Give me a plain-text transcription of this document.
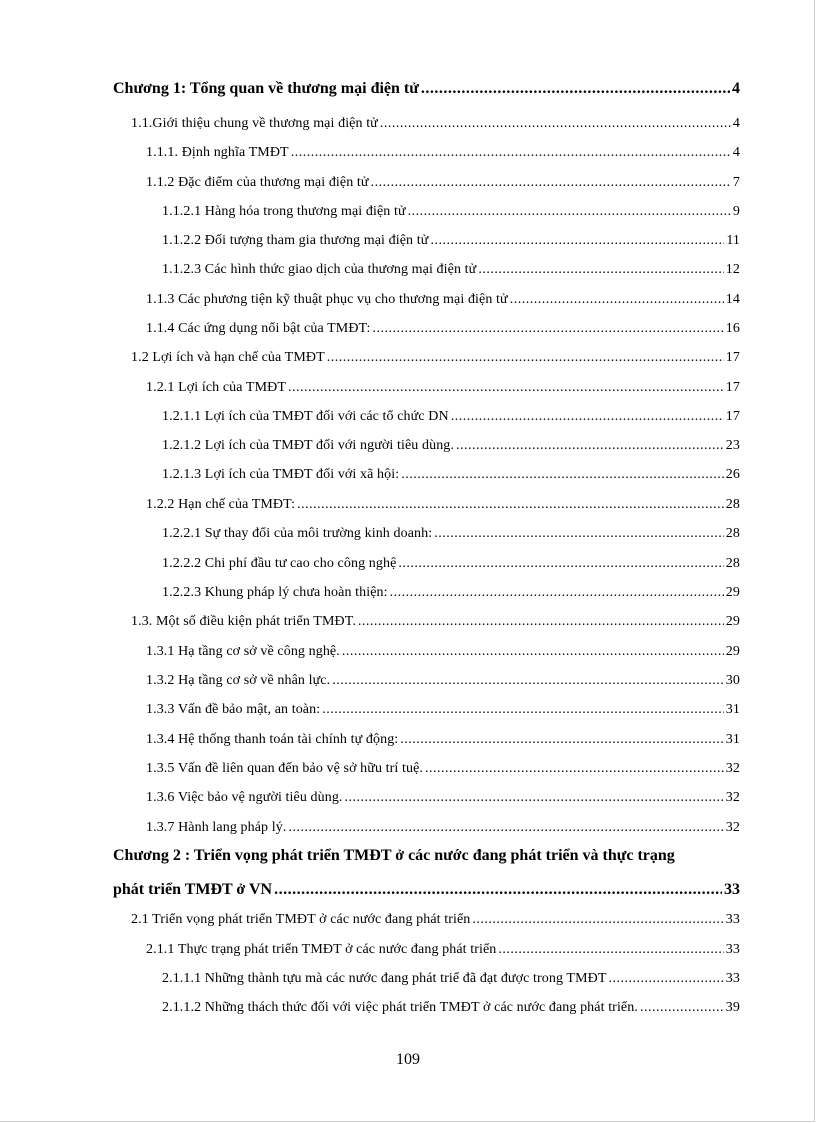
Chương 1: Tổng quan về thương mại điện tử .....	4
1.1.Giới thiệu chung về thương mại điện tử .....	4
1.1.1. Định nghĩa TMĐT .....	4
1.1.2 Đặc điểm của thương mại điện tử .....	7
1.1.2.1 Hàng hóa trong thương mại điện tử .....	9
1.1.2.2 Đối tượng tham gia thương mại điện tử .....	11
1.1.2.3 Các hình thức giao dịch của thương mại điện tử .....	12
1.1.3 Các phương tiện kỹ thuật phục vụ cho thương mại điện tử .....	14
1.1.4 Các ứng dụng nổi bật của TMĐT: .....	16
1.2 Lợi ích và hạn chế của TMĐT .....	17
1.2.1 Lợi ích của TMĐT .....	17
1.2.1.1 Lợi ích của TMĐT đối với các tổ chức DN .....	17
1.2.1.2 Lợi ích của TMĐT đối với người tiêu dùng. .....	23
1.2.1.3 Lợi ích của TMĐT đối với xã hội: .....	26
1.2.2 Hạn chế của TMĐT: .....	28
1.2.2.1 Sự thay đổi của môi trường kinh doanh: .....	28
1.2.2.2 Chi phí đầu tư cao cho công nghệ .....	28
1.2.2.3 Khung pháp lý chưa hoàn thiện: .....	29
1.3. Một số điều kiện phát triển TMĐT. .....	29
1.3.1 Hạ tầng cơ sở về công nghệ. .....	29
1.3.2 Hạ tầng cơ sở về nhân lực. .....	30
1.3.3 Vấn đề bảo mật, an toàn: .....	31
1.3.4 Hệ thống thanh toán tài chính tự động: .....	31
1.3.5 Vấn đề liên quan đến bảo vệ sở hữu trí tuệ. .....	32
1.3.6 Việc bảo vệ người tiêu dùng. .....	32
1.3.7 Hành lang pháp lý. .....	32
Chương 2 : Triển vọng phát triển TMĐT ở các nước đang phát triển và thực trạng
phát triển TMĐT ở VN .....	33
2.1 Triển vọng phát triển TMĐT ở các nước đang phát triển .....	33
2.1.1 Thực trạng phát triển TMĐT ở các nước đang phát triển .....	33
2.1.1.1 Những thành tựu mà các nước đang phát triể đã đạt được trong TMĐT .....	33
2.1.1.2 Những thách thức đối với việc phát triển TMĐT ở các nước đang phát triển. .....	39
109
